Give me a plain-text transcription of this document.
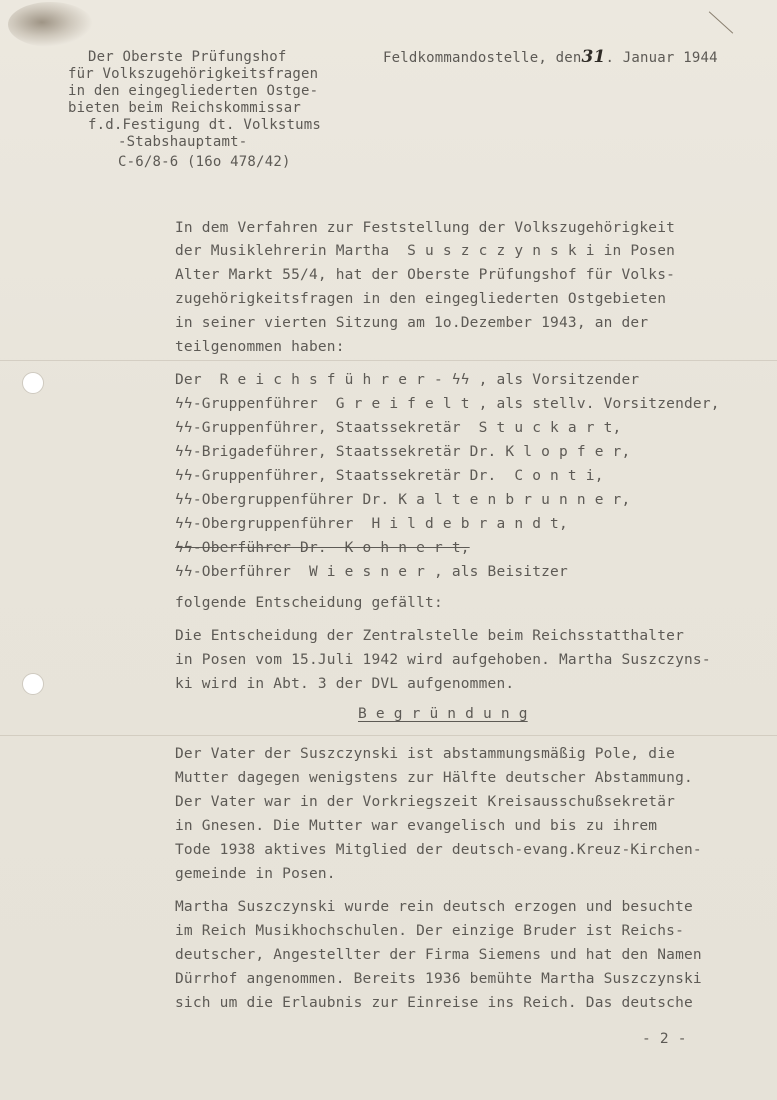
Der Oberste Prüfungshof
für Volkszugehörigkeitsfragen
in den eingegliederten Ostge-
bieten beim Reichskommissar
f.d.Festigung dt. Volkstums
-Stabshauptamt-
C-6/8-6 (16o 478/42)
Feldkommandostelle, den31. Januar 1944
In dem Verfahren zur Feststellung der Volkszugehörigkeit
der Musiklehrerin Martha  S u s z c z y n s k i in Posen
Alter Markt 55/4, hat der Oberste Prüfungshof für Volks-
zugehörigkeitsfragen in den eingegliederten Ostgebieten
in seiner vierten Sitzung am 1o.Dezember 1943, an der
teilgenommen haben:
Der  R e i c h s f ü h r e r - ϟϟ , als Vorsitzender
ϟϟ-Gruppenführer  G r e i f e l t , als stellv. Vorsitzender,
ϟϟ-Gruppenführer, Staatssekretär  S t u c k a r t,
ϟϟ-Brigadeführer, Staatssekretär Dr. K l o p f e r,
ϟϟ-Gruppenführer, Staatssekretär Dr.  C o n t i,
ϟϟ-Obergruppenführer Dr. K a l t e n b r u n n e r,
ϟϟ-Obergruppenführer  H i l d e b r a n d t,
ϟϟ-Oberführer Dr.  K o h n e r t,
ϟϟ-Oberführer  W i e s n e r , als Beisitzer
folgende Entscheidung gefällt:
Die Entscheidung der Zentralstelle beim Reichsstatthalter
in Posen vom 15.Juli 1942 wird aufgehoben. Martha Suszczyns-
ki wird in Abt. 3 der DVL aufgenommen.
B e g r ü n d u n g
Der Vater der Suszczynski ist abstammungsmäßig Pole, die
Mutter dagegen wenigstens zur Hälfte deutscher Abstammung.
Der Vater war in der Vorkriegszeit Kreisausschußsekretär
in Gnesen. Die Mutter war evangelisch und bis zu ihrem
Tode 1938 aktives Mitglied der deutsch-evang.Kreuz-Kirchen-
gemeinde in Posen.
Martha Suszczynski wurde rein deutsch erzogen und besuchte
im Reich Musikhochschulen. Der einzige Bruder ist Reichs-
deutscher, Angestellter der Firma Siemens und hat den Namen
Dürrhof angenommen. Bereits 1936 bemühte Martha Suszczynski
sich um die Erlaubnis zur Einreise ins Reich. Das deutsche
- 2 -
